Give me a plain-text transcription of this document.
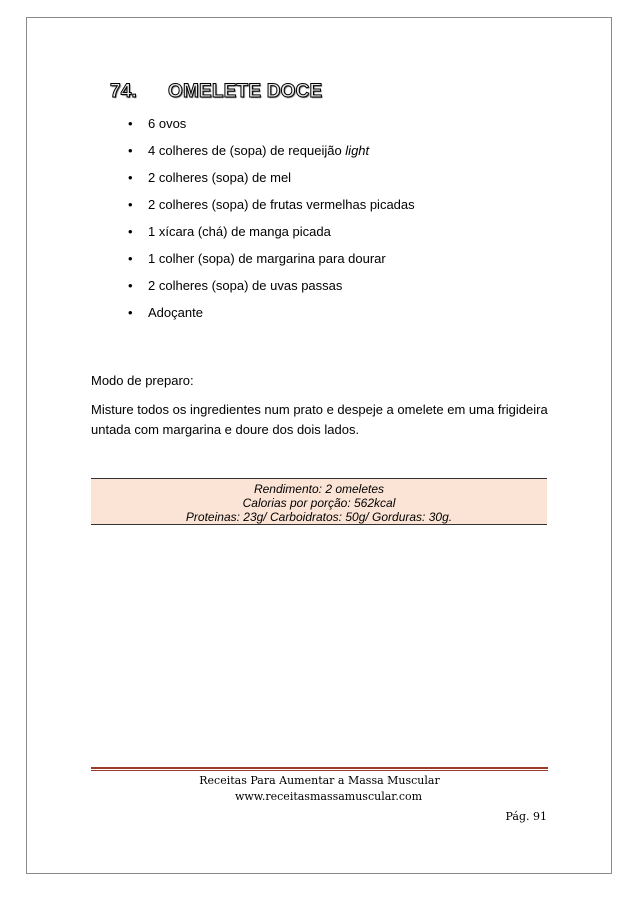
74. OMELETE DOCE
• 6 ovos
• 4 colheres de (sopa) de requeijão light
• 2 colheres (sopa) de mel
• 2 colheres (sopa) de frutas vermelhas picadas
• 1 xícara (chá) de manga picada
• 1 colher (sopa) de margarina para dourar
• 2 colheres (sopa) de uvas passas
• Adoçante
Modo de preparo:
Misture todos os ingredientes num prato e despeje a omelete em uma frigideira untada com margarina e doure dos dois lados.
Rendimento: 2 omeletes
Calorias por porção: 562kcal
Proteinas: 23g/ Carboidratos: 50g/ Gorduras: 30g.
Receitas Para Aumentar a Massa Muscular
www.receitasmassamuscular.com
Pág. 91
